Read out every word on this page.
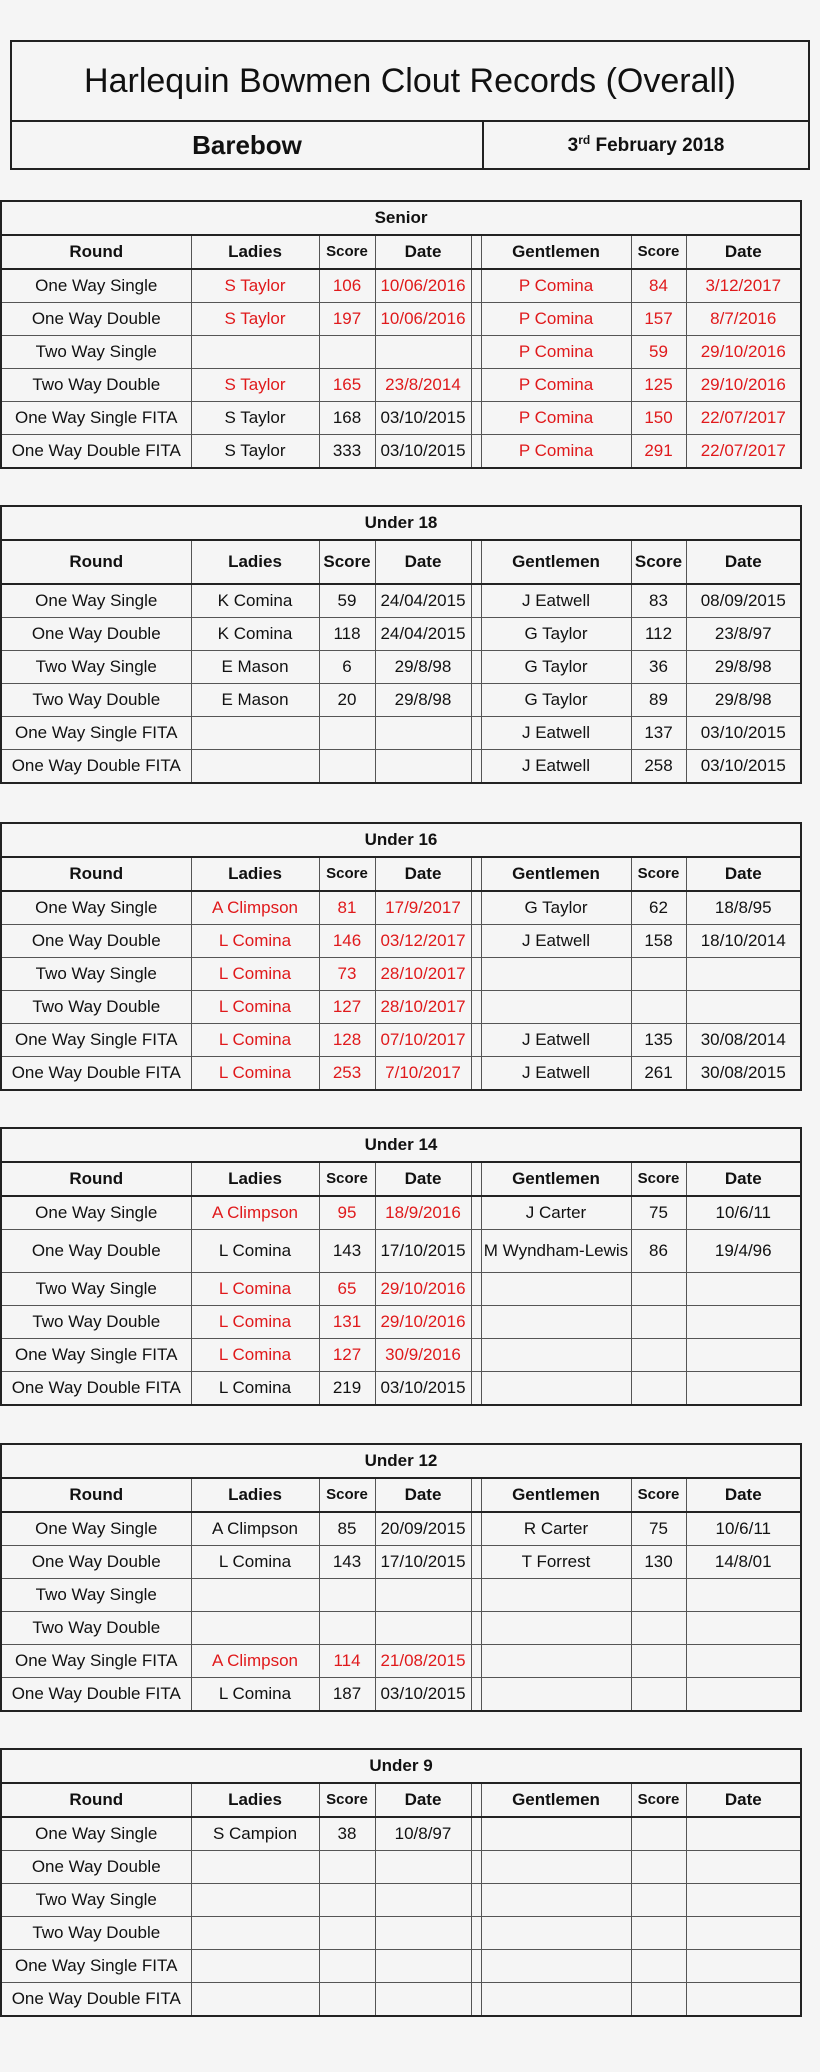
Harlequin Bowmen Clout Records (Overall)
Barebow	3rd February 2018
Senior							
Round	Ladies	Score	Date		Gentlemen	Score	Date
One Way Single	S Taylor	106	10/06/2016		P Comina	84	3/12/2017
One Way Double	S Taylor	197	10/06/2016		P Comina	157	8/7/2016
Two Way Single					P Comina	59	29/10/2016
Two Way Double	S Taylor	165	23/8/2014		P Comina	125	29/10/2016
One Way Single FITA	S Taylor	168	03/10/2015		P Comina	150	22/07/2017
One Way Double FITA	S Taylor	333	03/10/2015		P Comina	291	22/07/2017
Under 18							
Round	Ladies	Score	Date		Gentlemen	Score	Date
One Way Single	K Comina	59	24/04/2015		J Eatwell	83	08/09/2015
One Way Double	K Comina	118	24/04/2015		G Taylor	112	23/8/97
Two Way Single	E Mason	6	29/8/98		G Taylor	36	29/8/98
Two Way Double	E Mason	20	29/8/98		G Taylor	89	29/8/98
One Way Single FITA					J Eatwell	137	03/10/2015
One Way Double FITA					J Eatwell	258	03/10/2015
Under 16							
Round	Ladies	Score	Date		Gentlemen	Score	Date
One Way Single	A Climpson	81	17/9/2017		G Taylor	62	18/8/95
One Way Double	L Comina	146	03/12/2017		J Eatwell	158	18/10/2014
Two Way Single	L Comina	73	28/10/2017				
Two Way Double	L Comina	127	28/10/2017				
One Way Single FITA	L Comina	128	07/10/2017		J Eatwell	135	30/08/2014
One Way Double FITA	L Comina	253	7/10/2017		J Eatwell	261	30/08/2015
Under 14							
Round	Ladies	Score	Date		Gentlemen	Score	Date
One Way Single	A Climpson	95	18/9/2016		J Carter	75	10/6/11
One Way Double	L Comina	143	17/10/2015		M Wyndham-Lewis	86	19/4/96
Two Way Single	L Comina	65	29/10/2016				
Two Way Double	L Comina	131	29/10/2016				
One Way Single FITA	L Comina	127	30/9/2016				
One Way Double FITA	L Comina	219	03/10/2015				
Under 12							
Round	Ladies	Score	Date		Gentlemen	Score	Date
One Way Single	A Climpson	85	20/09/2015		R Carter	75	10/6/11
One Way Double	L Comina	143	17/10/2015		T Forrest	130	14/8/01
Two Way Single							
Two Way Double							
One Way Single FITA	A Climpson	114	21/08/2015				
One Way Double FITA	L Comina	187	03/10/2015				
Under 9							
Round	Ladies	Score	Date		Gentlemen	Score	Date
One Way Single	S Campion	38	10/8/97				
One Way Double							
Two Way Single							
Two Way Double							
One Way Single FITA							
One Way Double FITA							
